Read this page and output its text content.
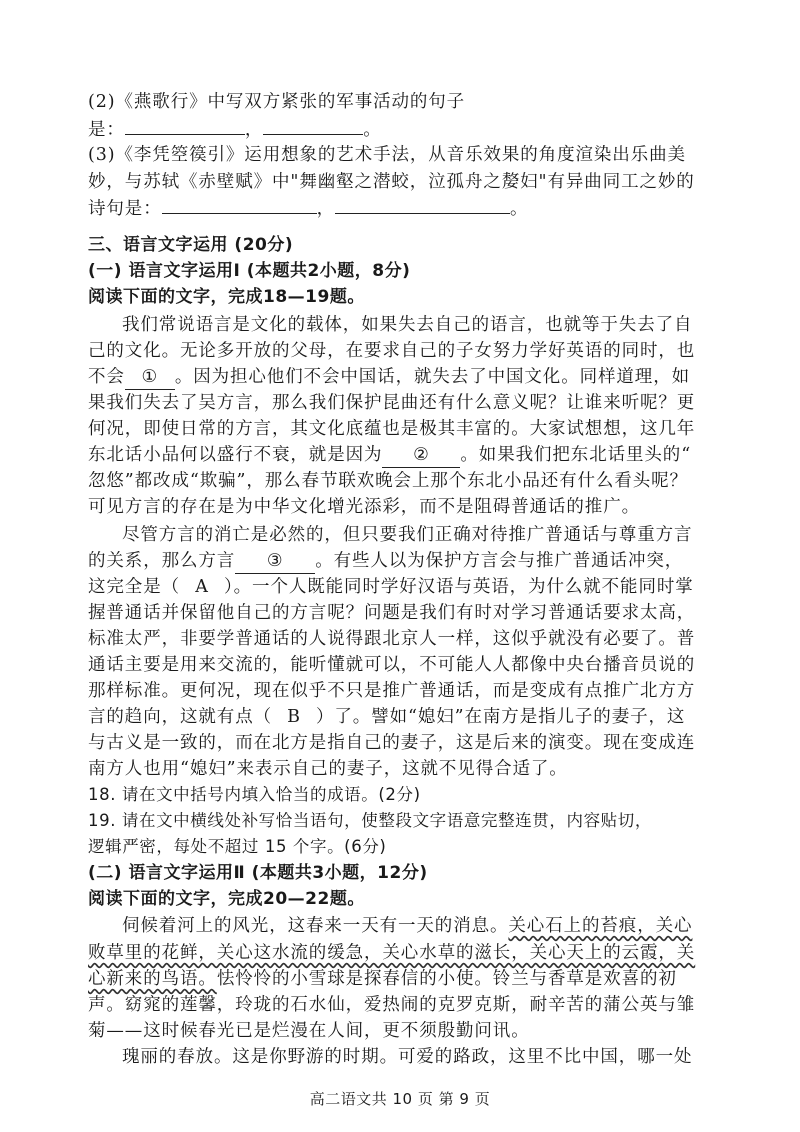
(2)《燕歌行》中写双方紧张的军事活动的句子
是：	，	。
(3)《李凭箜篌引》运用想象的艺术手法，从音乐效果的角度渲染出乐曲美
妙，与苏轼《赤壁赋》中"舞幽壑之潜蛟，泣孤舟之嫠妇"有异曲同工之妙的
诗句是：	，	。
三、语言文字运用 (20分)
(一) 语言文字运用Ⅰ (本题共2小题，8分)
阅读下面的文字，完成18—19题。
我们常说语言是文化的载体，如果失去自己的语言，也就等于失去了自
己的文化。无论多开放的父母，在要求自己的子女努力学好英语的同时，也
不会 ① 。因为担心他们不会中国话，就失去了中国文化。同样道理，如
果我们失去了吴方言，那么我们保护昆曲还有什么意义呢？让谁来听呢？更
何况，即使日常的方言，其文化底蕴也是极其丰富的。大家试想想，这几年
东北话小品何以盛行不衰，就是因为 ② 。如果我们把东北话里头的“
忽悠”都改成“欺骗”，那么春节联欢晚会上那个东北小品还有什么看头呢？
可见方言的存在是为中华文化增光添彩，而不是阻碍普通话的推广。
尽管方言的消亡是必然的，但只要我们正确对待推广普通话与尊重方言
的关系，那么方言 ③ 。有些人以为保护方言会与推广普通话冲突，
这完全是（ A ）。一个人既能同时学好汉语与英语，为什么就不能同时掌
握普通话并保留他自己的方言呢？问题是我们有时对学习普通话要求太高，
标准太严，非要学普通话的人说得跟北京人一样，这似乎就没有必要了。普
通话主要是用来交流的，能听懂就可以，不可能人人都像中央台播音员说的
那样标准。更何况，现在似乎不只是推广普通话，而是变成有点推广北方方
言的趋向，这就有点（ B ）了。譬如“媳妇”在南方是指儿子的妻子，这
与古义是一致的，而在北方是指自己的妻子，这是后来的演变。现在变成连
南方人也用“媳妇”来表示自己的妻子，这就不见得合适了。
18. 请在文中括号内填入恰当的成语。(2分)
19. 请在文中横线处补写恰当语句，使整段文字语意完整连贯，内容贴切，
逻辑严密，每处不超过 15 个字。(6分)
(二) 语言文字运用Ⅱ (本题共3小题，12分)
阅读下面的文字，完成20—22题。
伺候着河上的风光，这春来一天有一天的消息。关心石上的苔痕，关心
败草里的花鲜，关心这水流的缓急，关心水草的滋长，关心天上的云霞，关
心新来的鸟语。怯怜怜的小雪球是探春信的小使。铃兰与香草是欢喜的初
声。窈窕的莲馨，玲珑的石水仙，爱热闹的克罗克斯，耐辛苦的蒲公英与雏
菊——这时候春光已是烂漫在人间，更不须殷勤问讯。
瑰丽的春放。这是你野游的时期。可爱的路政，这里不比中国，哪一处
高二语文共 10 页 第 9 页
